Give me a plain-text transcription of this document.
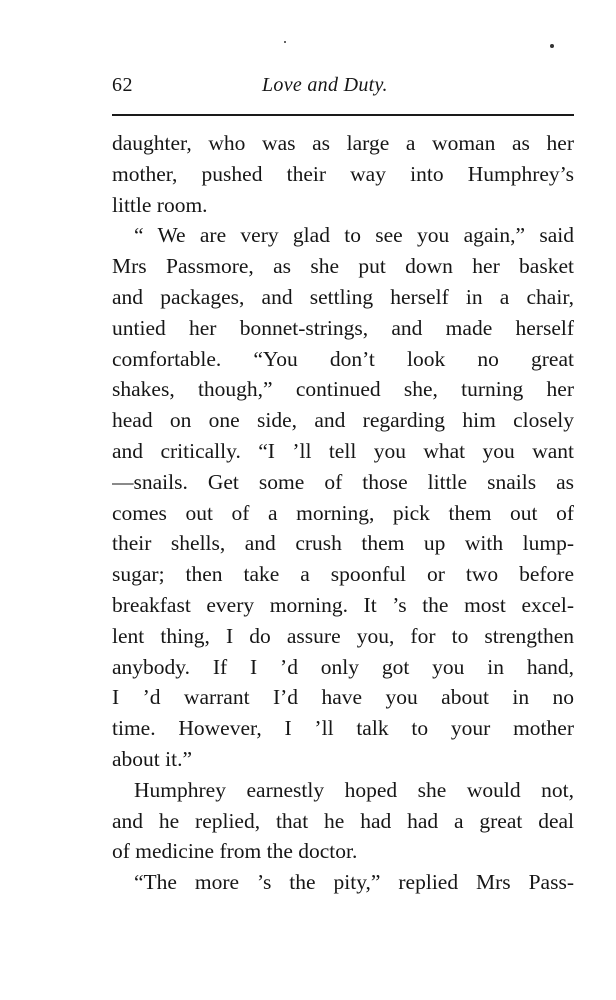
62	Love and Duty.
daughter, who was as large a woman as her
mother, pushed their way into Humphrey’s
little room.
“ We are very glad to see you again,” said
Mrs Passmore, as she put down her basket
and packages, and settling herself in a chair,
untied her bonnet-strings, and made herself
comfortable. “You don’t look no great
shakes, though,” continued she, turning her
head on one side, and regarding him closely
and critically. “I ’ll tell you what you want
—snails. Get some of those little snails as
comes out of a morning, pick them out of
their shells, and crush them up with lump-
sugar; then take a spoonful or two before
breakfast every morning. It ’s the most excel-
lent thing, I do assure you, for to strengthen
anybody. If I ’d only got you in hand,
I ’d warrant I’d have you about in no
time. However, I ’ll talk to your mother
about it.”
Humphrey earnestly hoped she would not,
and he replied, that he had had a great deal
of medicine from the doctor.
“The more ’s the pity,” replied Mrs Pass-
